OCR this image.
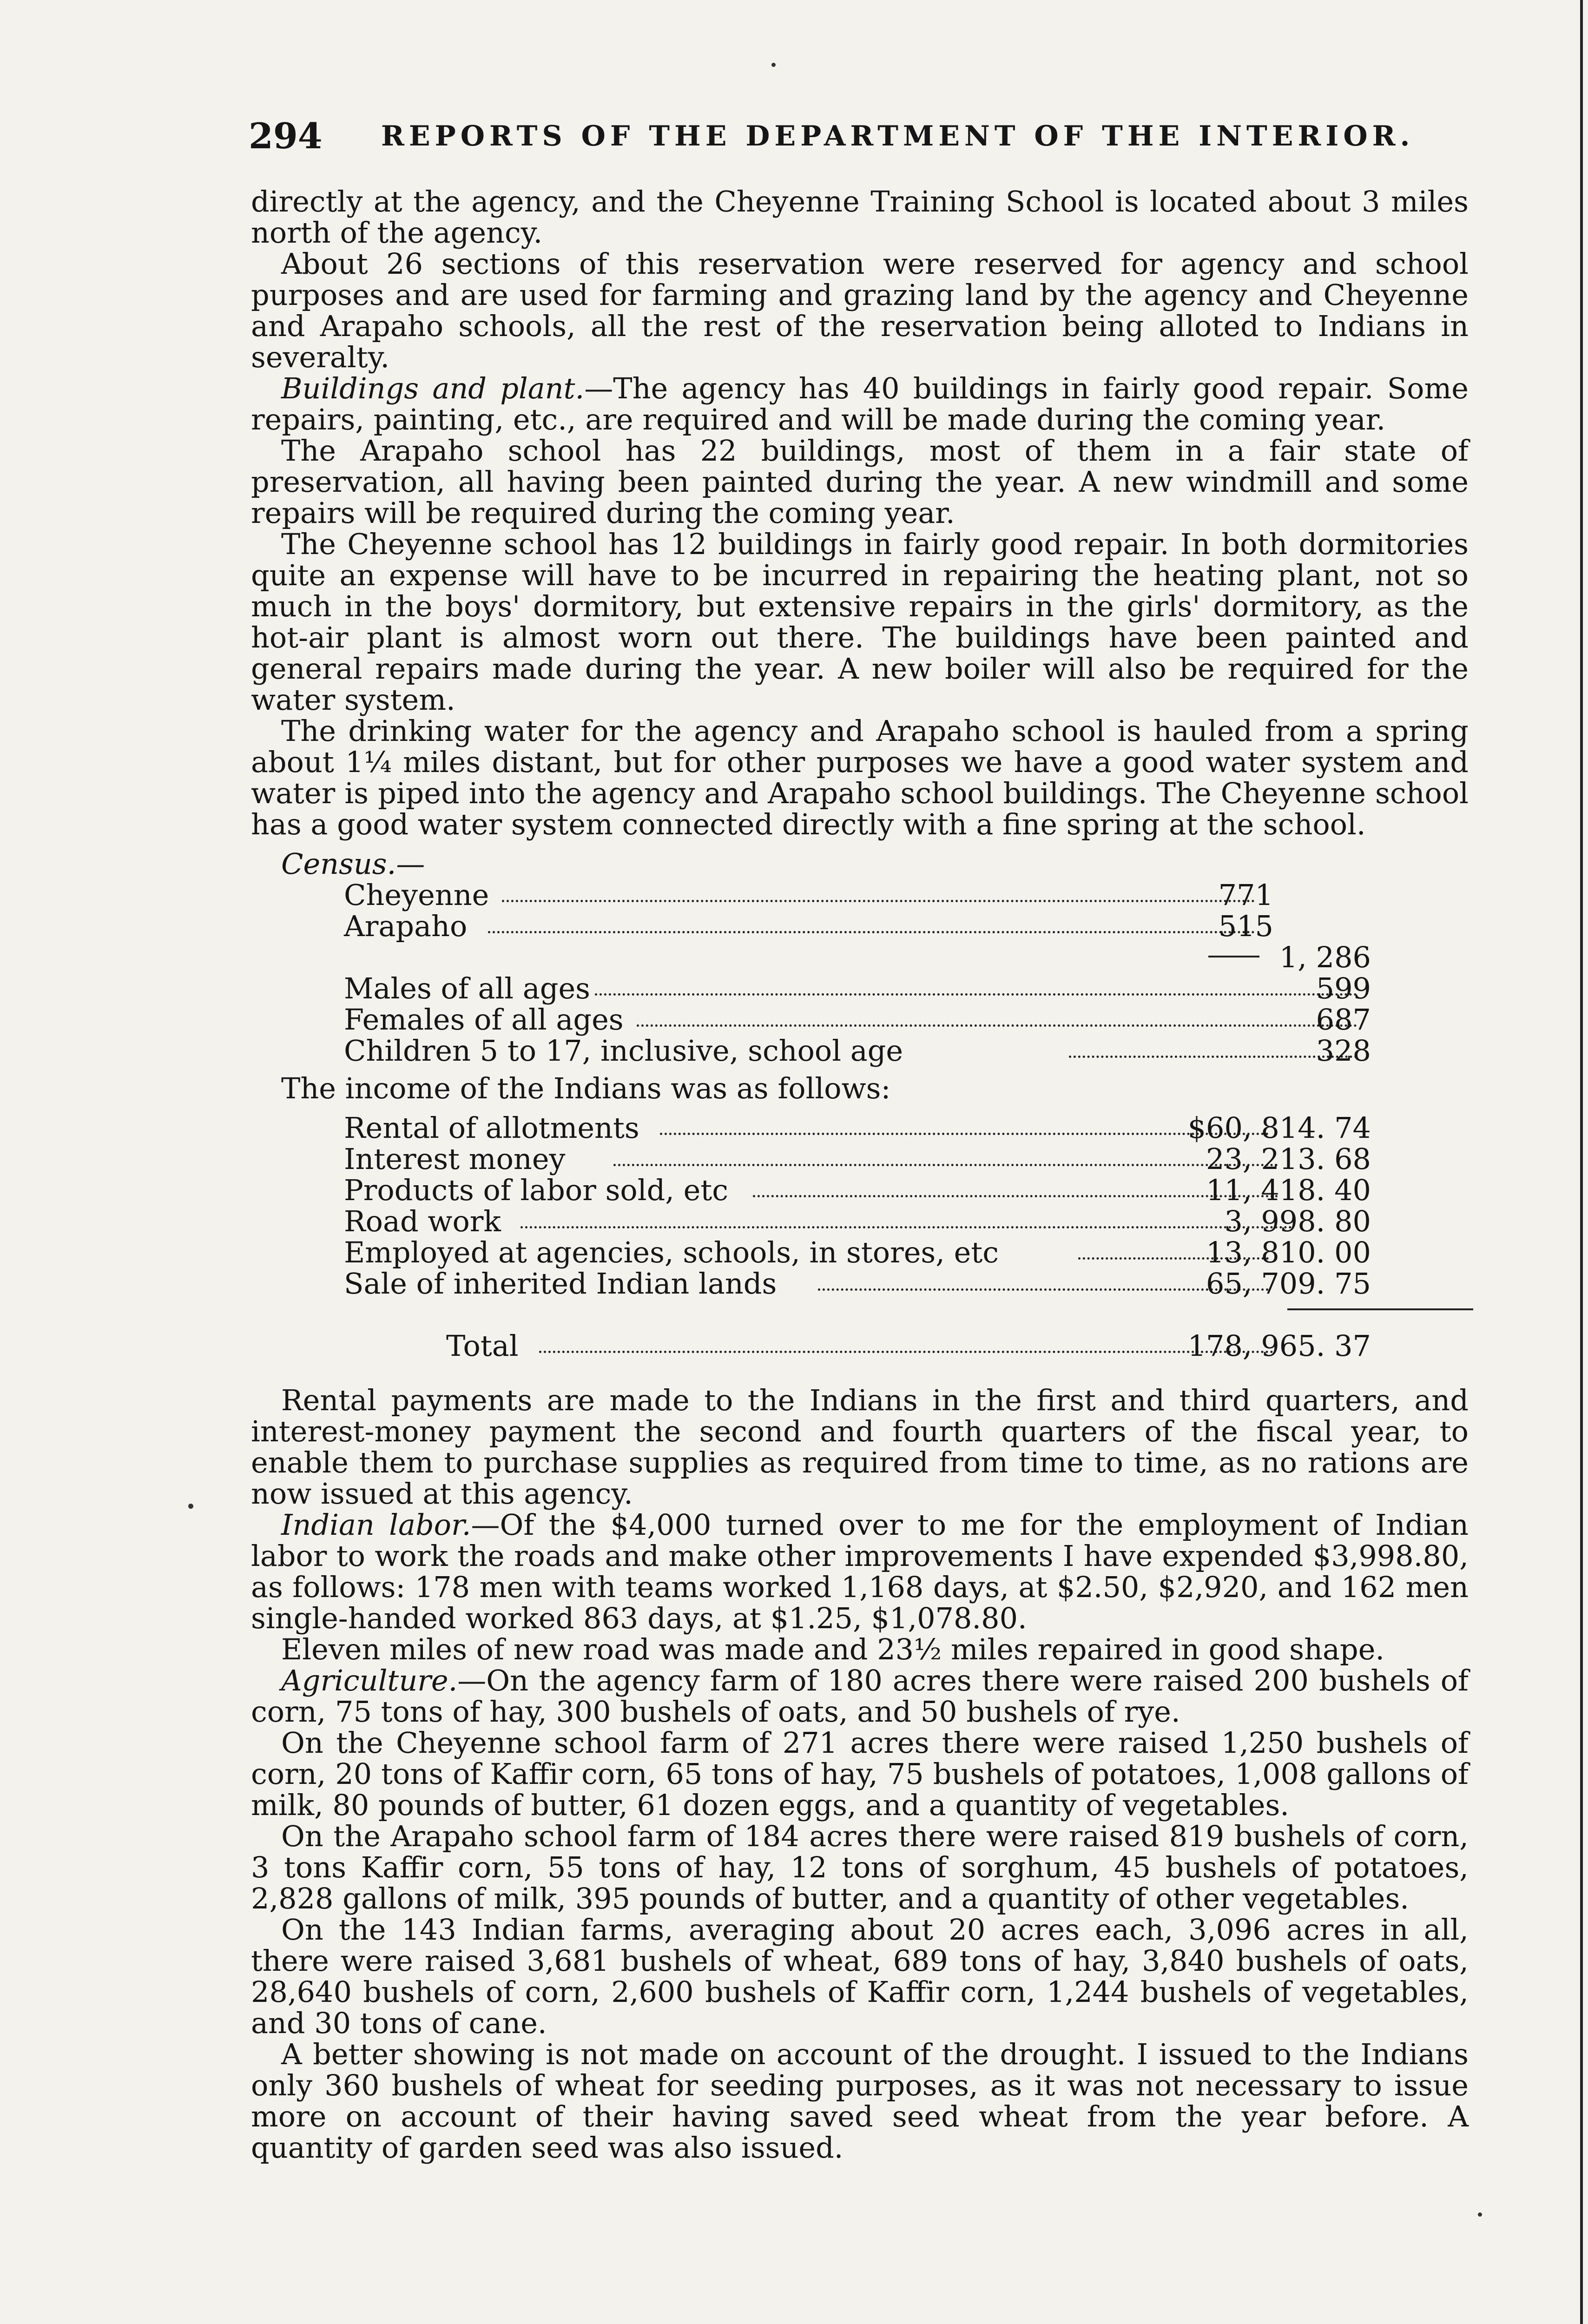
294 REPORTS OF THE DEPARTMENT OF THE INTERIOR.

directly at the agency, and the Cheyenne Training School is located about 3 miles north of the agency.

About 26 sections of this reservation were reserved for agency and school purposes and are used for farming and grazing land by the agency and Cheyenne and Arapaho schools, all the rest of the reservation being alloted to Indians in severalty.

Buildings and plant.—The agency has 40 buildings in fairly good repair. Some repairs, painting, etc., are required and will be made during the coming year.

The Arapaho school has 22 buildings, most of them in a fair state of preservation, all having been painted during the year. A new windmill and some repairs will be required during the coming year.

The Cheyenne school has 12 buildings in fairly good repair. In both dormitories quite an expense will have to be incurred in repairing the heating plant, not so much in the boys' dormitory, but extensive repairs in the girls' dormitory, as the hot-air plant is almost worn out there. The buildings have been painted and general repairs made during the year. A new boiler will also be required for the water system.

The drinking water for the agency and Arapaho school is hauled from a spring about 1¼ miles distant, but for other purposes we have a good water system and water is piped into the agency and Arapaho school buildings. The Cheyenne school has a good water system connected directly with a fine spring at the school.

Census.—
Cheyenne	771
Arapaho	515
1, 286
Males of all ages	599
Females of all ages	687
Children 5 to 17, inclusive, school age	328
The income of the Indians was as follows:
Rental of allotments	$60, 814. 74
Interest money	23, 213. 68
Products of labor sold, etc	11, 418. 40
Road work	3, 998. 80
Employed at agencies, schools, in stores, etc	13, 810. 00
Sale of inherited Indian lands	65, 709. 75
Total	178, 965. 37

Rental payments are made to the Indians in the first and third quarters, and interest-money payment the second and fourth quarters of the fiscal year, to enable them to purchase supplies as required from time to time, as no rations are now issued at this agency.

Indian labor.—Of the $4,000 turned over to me for the employment of Indian labor to work the roads and make other improvements I have expended $3,998.80, as follows: 178 men with teams worked 1,168 days, at $2.50, $2,920, and 162 men single-handed worked 863 days, at $1.25, $1,078.80.

Eleven miles of new road was made and 23½ miles repaired in good shape.

Agriculture.—On the agency farm of 180 acres there were raised 200 bushels of corn, 75 tons of hay, 300 bushels of oats, and 50 bushels of rye.

On the Cheyenne school farm of 271 acres there were raised 1,250 bushels of corn, 20 tons of Kaffir corn, 65 tons of hay, 75 bushels of potatoes, 1,008 gallons of milk, 80 pounds of butter, 61 dozen eggs, and a quantity of vegetables.

On the Arapaho school farm of 184 acres there were raised 819 bushels of corn, 3 tons Kaffir corn, 55 tons of hay, 12 tons of sorghum, 45 bushels of potatoes, 2,828 gallons of milk, 395 pounds of butter, and a quantity of other vegetables.

On the 143 Indian farms, averaging about 20 acres each, 3,096 acres in all, there were raised 3,681 bushels of wheat, 689 tons of hay, 3,840 bushels of oats, 28,640 bushels of corn, 2,600 bushels of Kaffir corn, 1,244 bushels of vegetables, and 30 tons of cane.

A better showing is not made on account of the drought. I issued to the Indians only 360 bushels of wheat for seeding purposes, as it was not necessary to issue more on account of their having saved seed wheat from the year before. A quantity of garden seed was also issued.
